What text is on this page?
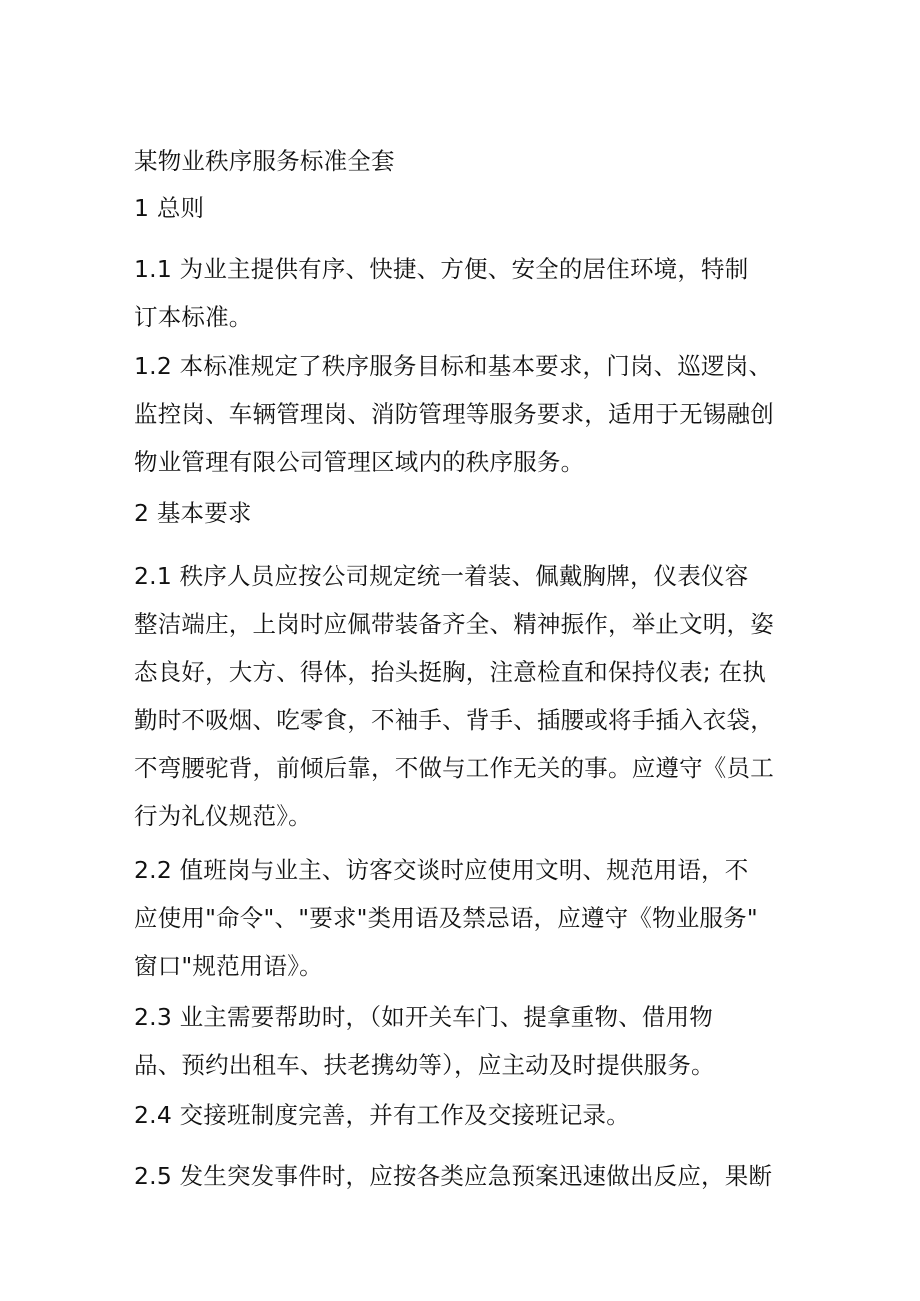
某物业秩序服务标准全套
1 总则
1.1 为业主提供有序、快捷、方便、安全的居住环境，特制
订本标准。
1.2 本标准规定了秩序服务目标和基本要求，门岗、巡逻岗、
监控岗、车辆管理岗、消防管理等服务要求，适用于无锡融创
物业管理有限公司管理区域内的秩序服务。
2 基本要求
2.1 秩序人员应按公司规定统一着装、佩戴胸牌，仪表仪容
整洁端庄，上岗时应佩带装备齐全、精神振作，举止文明，姿
态良好，大方、得体，抬头挺胸，注意检直和保持仪表; 在执
勤时不吸烟、吃零食，不袖手、背手、插腰或将手插入衣袋，
不弯腰驼背，前倾后靠，不做与工作无关的事。应遵守《员工
行为礼仪规范》。
2.2 值班岗与业主、访客交谈时应使用文明、规范用语，不
应使用"命令"、"要求"类用语及禁忌语，应遵守《物业服务"
窗口"规范用语》。
2.3 业主需要帮助时，（如开关车门、提拿重物、借用物
品、预约出租车、扶老携幼等），应主动及时提供服务。
2.4 交接班制度完善，并有工作及交接班记录。
2.5 发生突发事件时，应按各类应急预案迅速做出反应，果断
